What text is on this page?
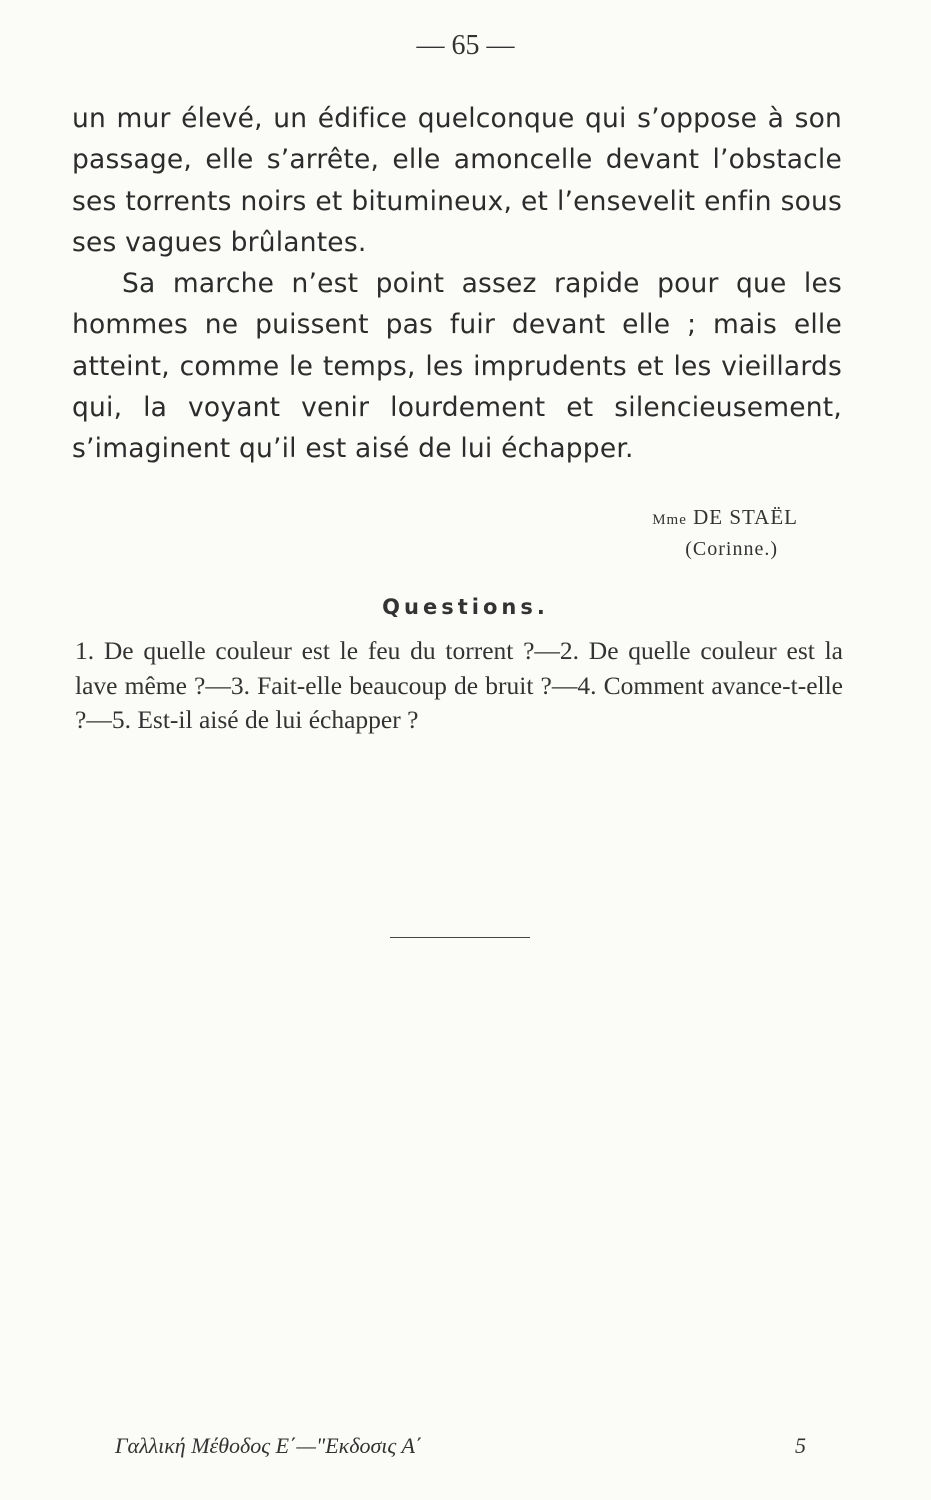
— 65 —

un mur élevé, un édifice quelconque qui s’oppose à son passage, elle s’arrête, elle amoncelle devant l’obstacle ses torrents noirs et bitumineux, et l’ensevelit enfin sous ses vagues brûlantes.

Sa marche n’est point assez rapide pour que les hommes ne puissent pas fuir devant elle ; mais elle atteint, comme le temps, les imprudents et les vieillards qui, la voyant venir lourdement et silencieusement, s’imaginent qu’il est aisé de lui échapper.

Mme DE STAËL
(Corinne.)
Questions.
1. De quelle couleur est le feu du torrent ?—2. De quelle couleur est la lave même ?—3. Fait-elle beaucoup de bruit ?—4. Comment avance-t-elle ?—5. Est-il aisé de lui échapper ?
Γαλλική Μέθοδος Ε΄—"Εκδοσις Α΄	5
